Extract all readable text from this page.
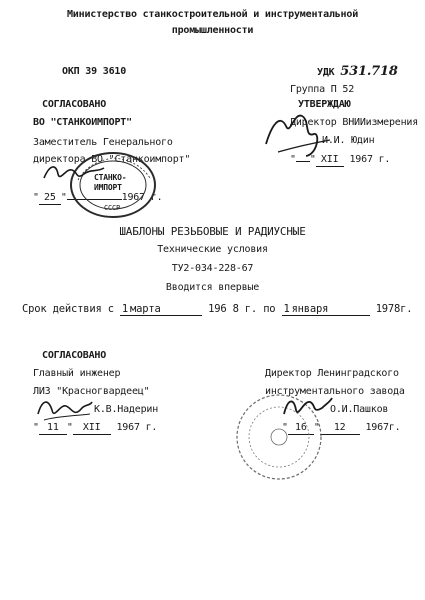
Министерство станкостроительной и инструментальной
промышленности
ОКП 39 3610	УДК 531.718
Группа П 52
СОГЛАСОВАНО
ВО "СТАНКОИМПОРТ"
Заместитель Генерального
директора ВО "Станкоимпорт"
" 25 "	1967 г.
УТВЕРЖДАЮ
Директор ВНИИизмерения
И.И. Юдин
" " XII 1967 г.
СТАНКО-
ИМПОРТ
СССР
ШАБЛОНЫ РЕЗЬБОВЫЕ И РАДИУСНЫЕ
Технические условия
ТУ2-034-228-67
Вводится впервые
Срок действия с 1 марта	196 8 г. по 1 января	1978г.
СОГЛАСОВАНО
Главный инженер
ЛИЗ "Красногвардеец"
К.В.Надерин
" 11 " XII 1967 г.
Директор Ленинградского
инструментального завода
О.И.Пашков
" 16 " 12 1967г.
